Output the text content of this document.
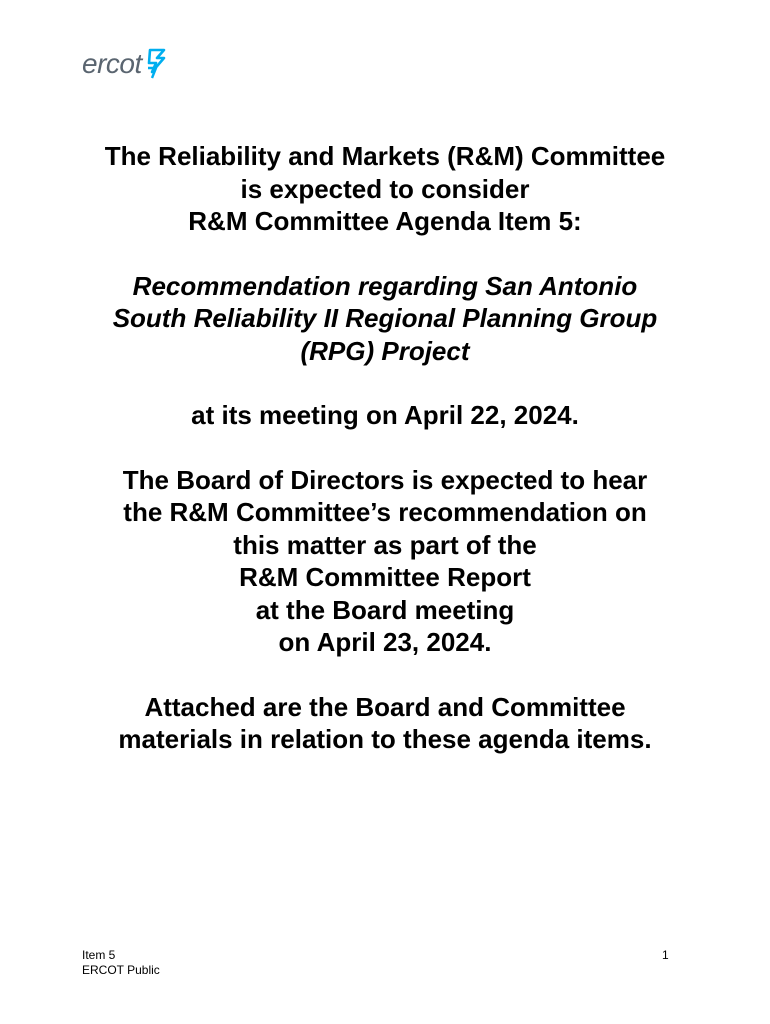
ercot
The Reliability and Markets (R&M) Committee
is expected to consider
R&M Committee Agenda Item 5:
Recommendation regarding San Antonio
South Reliability II Regional Planning Group
(RPG) Project
at its meeting on April 22, 2024.
The Board of Directors is expected to hear
the R&M Committee’s recommendation on
this matter as part of the
R&M Committee Report
at the Board meeting
on April 23, 2024.
Attached are the Board and Committee
materials in relation to these agenda items.
Item 5
ERCOT Public
1
